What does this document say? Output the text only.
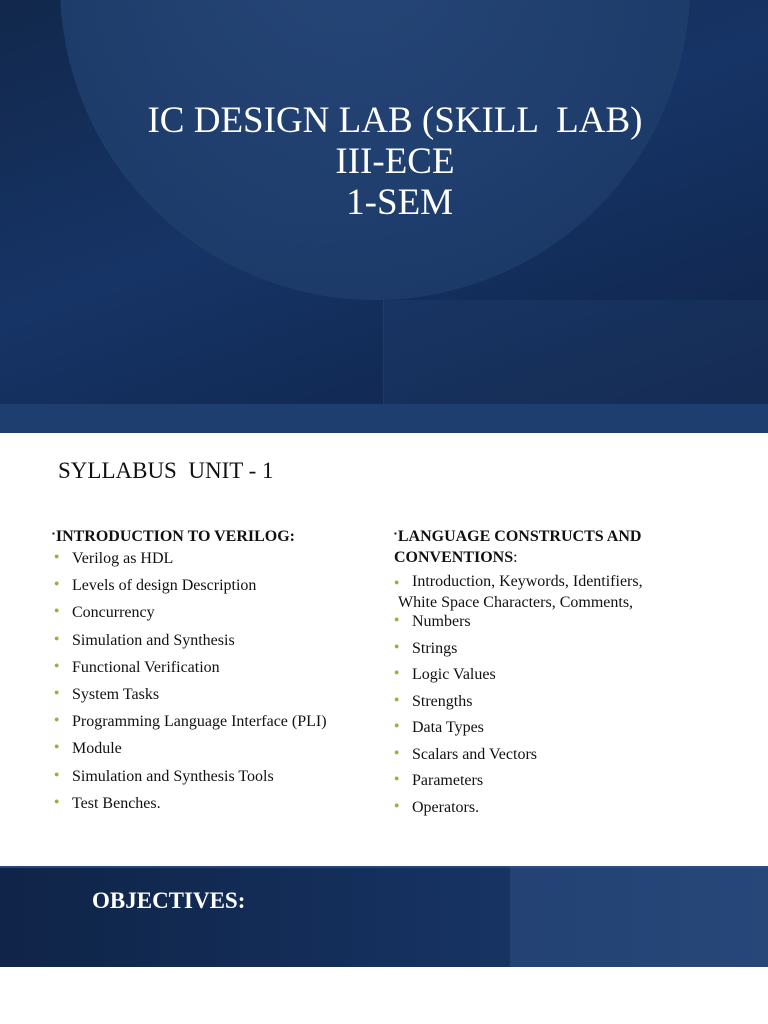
IC DESIGN LAB (SKILL  LAB)
III-ECE
1-SEM
SYLLABUS  UNIT - 1
▪INTRODUCTION TO VERILOG:
● Verilog as HDL
● Levels of design Description
● Concurrency
● Simulation and Synthesis
● Functional Verification
● System Tasks
● Programming Language Interface (PLI)
● Module
● Simulation and Synthesis Tools
● Test Benches.
▪LANGUAGE CONSTRUCTS AND
CONVENTIONS:
● Introduction, Keywords, Identifiers,
White Space Characters, Comments,
● Numbers
● Strings
● Logic Values
● Strengths
● Data Types
● Scalars and Vectors
● Parameters
● Operators.
OBJECTIVES:
